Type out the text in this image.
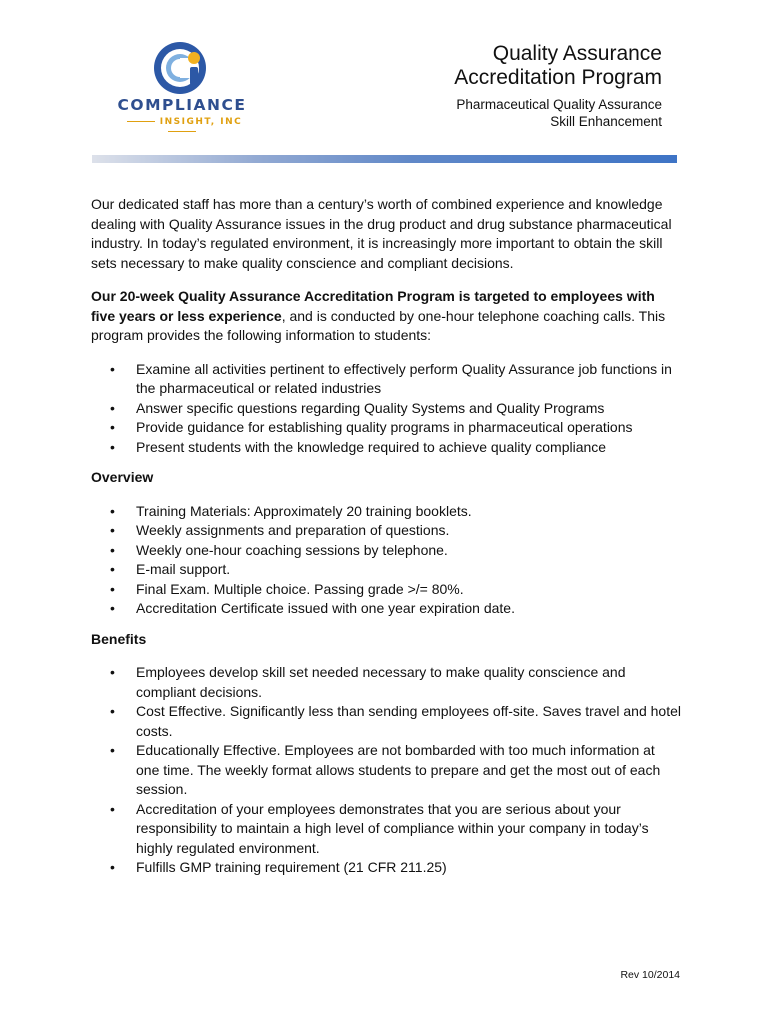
COMPLIANCE
INSIGHT, INC
Quality Assurance
Accreditation Program
Pharmaceutical Quality Assurance
Skill Enhancement

Our dedicated staff has more than a century’s worth of combined experience and knowledge dealing with Quality Assurance issues in the drug product and drug substance pharmaceutical industry. In today’s regulated environment, it is increasingly more important to obtain the skill sets necessary to make quality conscience and compliant decisions.

Our 20-week Quality Assurance Accreditation Program is targeted to employees with five years or less experience, and is conducted by one-hour telephone coaching calls. This program provides the following information to students:

• Examine all activities pertinent to effectively perform Quality Assurance job functions in the pharmaceutical or related industries
• Answer specific questions regarding Quality Systems and Quality Programs
• Provide guidance for establishing quality programs in pharmaceutical operations
• Present students with the knowledge required to achieve quality compliance
Overview
• Training Materials: Approximately 20 training booklets.
• Weekly assignments and preparation of questions.
• Weekly one-hour coaching sessions by telephone.
• E-mail support.
• Final Exam. Multiple choice. Passing grade >/= 80%.
• Accreditation Certificate issued with one year expiration date.
Benefits
• Employees develop skill set needed necessary to make quality conscience and compliant decisions.
• Cost Effective. Significantly less than sending employees off-site. Saves travel and hotel costs.
• Educationally Effective. Employees are not bombarded with too much information at one time. The weekly format allows students to prepare and get the most out of each session.
• Accreditation of your employees demonstrates that you are serious about your responsibility to maintain a high level of compliance within your company in today’s highly regulated environment.
• Fulfills GMP training requirement (21 CFR 211.25)
Rev 10/2014
